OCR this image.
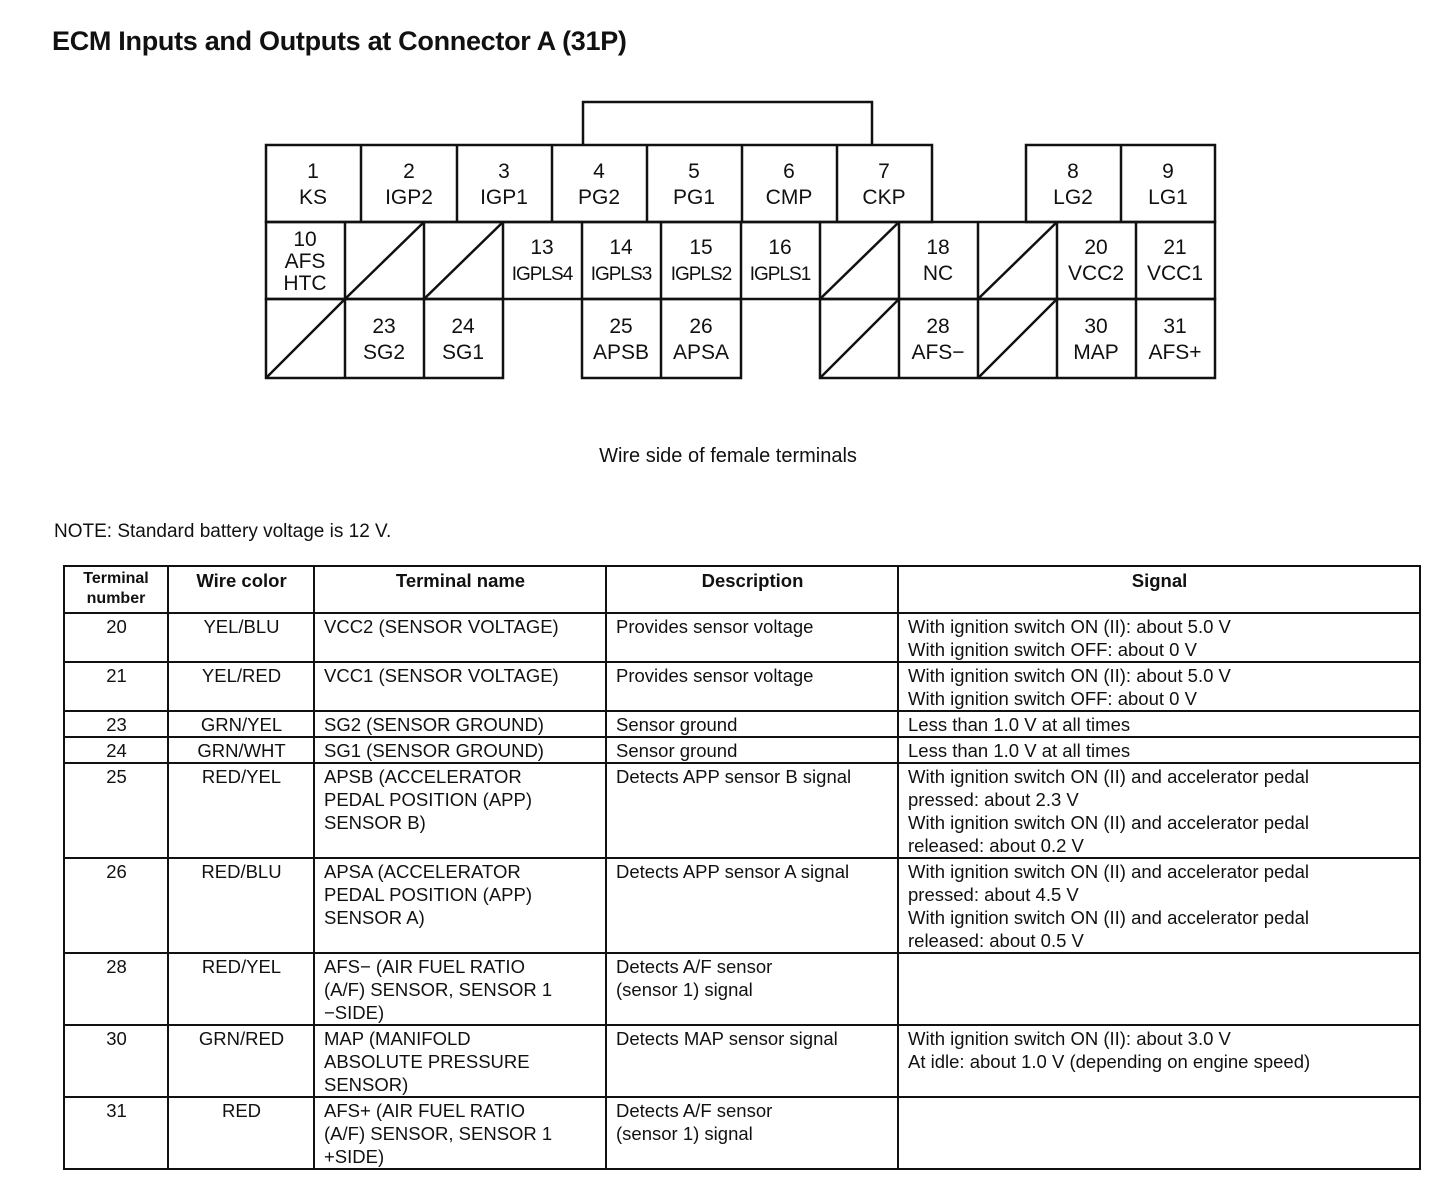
ECM Inputs and Outputs at Connector A (31P)
1
KS
2
IGP2
3
IGP1
4
PG2
5
PG1
6
CMP
7
CKP
8
LG2
9
LG1
10
AFS
HTC
13
IGPLS4
14
IGPLS3
15
IGPLS2
16
IGPLS1
18
NC
20
VCC2
21
VCC1
23
SG2
24
SG1
25
APSB
26
APSA
28
AFS−
30
MAP
31
AFS+
Wire side of female terminals
NOTE: Standard battery voltage is 12 V.
Terminal
number	Wire color	Terminal name	Description	Signal
20	YEL/BLU	VCC2 (SENSOR VOLTAGE)	Provides sensor voltage	With ignition switch ON (II): about 5.0 V
With ignition switch OFF: about 0 V
21	YEL/RED	VCC1 (SENSOR VOLTAGE)	Provides sensor voltage	With ignition switch ON (II): about 5.0 V
With ignition switch OFF: about 0 V
23	GRN/YEL	SG2 (SENSOR GROUND)	Sensor ground	Less than 1.0 V at all times
24	GRN/WHT	SG1 (SENSOR GROUND)	Sensor ground	Less than 1.0 V at all times
25	RED/YEL	APSB (ACCELERATOR
PEDAL POSITION (APP)
SENSOR B)	Detects APP sensor B signal	With ignition switch ON (II) and accelerator pedal
pressed: about 2.3 V
With ignition switch ON (II) and accelerator pedal
released: about 0.2 V
26	RED/BLU	APSA (ACCELERATOR
PEDAL POSITION (APP)
SENSOR A)	Detects APP sensor A signal	With ignition switch ON (II) and accelerator pedal
pressed: about 4.5 V
With ignition switch ON (II) and accelerator pedal
released: about 0.5 V
28	RED/YEL	AFS− (AIR FUEL RATIO
(A/F) SENSOR, SENSOR 1
−SIDE)	Detects A/F sensor
(sensor 1) signal	
30	GRN/RED	MAP (MANIFOLD
ABSOLUTE PRESSURE
SENSOR)	Detects MAP sensor signal	With ignition switch ON (II): about 3.0 V
At idle: about 1.0 V (depending on engine speed)
31	RED	AFS+ (AIR FUEL RATIO
(A/F) SENSOR, SENSOR 1
+SIDE)	Detects A/F sensor
(sensor 1) signal	
